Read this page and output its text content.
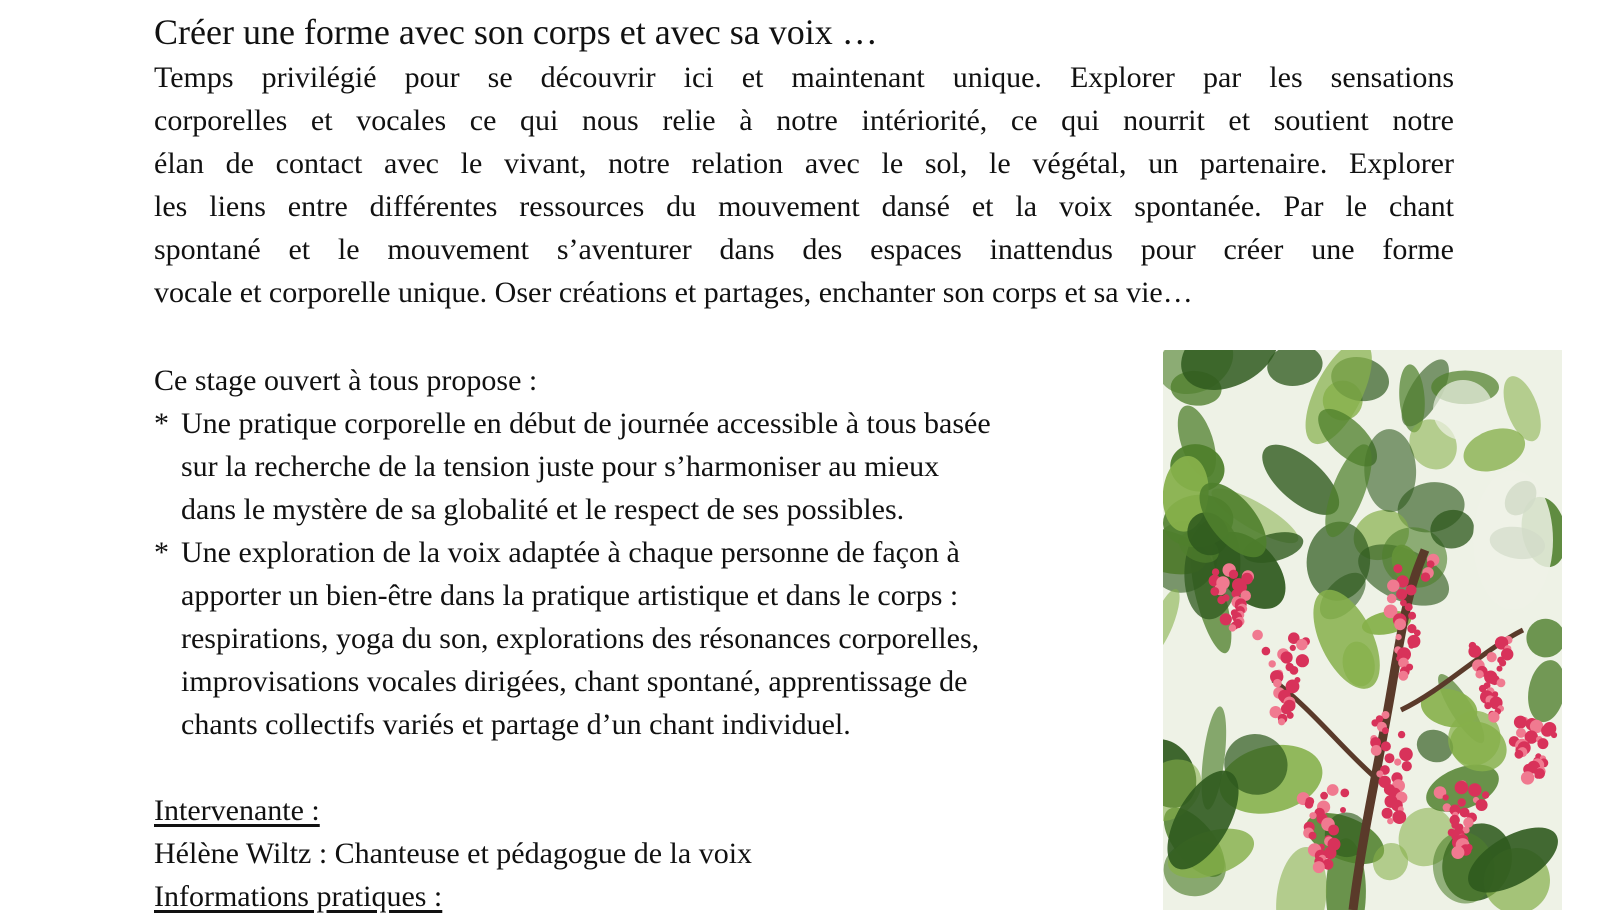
Créer une forme avec son corps et avec sa voix …
Temps privilégié pour se découvrir ici et maintenant unique. Explorer par les sensations
corporelles et vocales ce qui nous relie à notre intériorité, ce qui nourrit et soutient notre
élan de contact avec le vivant, notre relation avec le sol, le végétal, un partenaire. Explorer
les liens entre différentes ressources du mouvement dansé et la voix spontanée. Par le chant
spontané et le mouvement s’aventurer dans des espaces inattendus pour créer une forme
vocale et corporelle unique. Oser créations et partages, enchanter son corps et sa vie…

Ce stage ouvert à tous propose :

* Une pratique corporelle en début de journée accessible à tous basée
sur la recherche de la tension juste pour s’harmoniser au mieux
dans le mystère de sa globalité et le respect de ses possibles.
* Une exploration de la voix adaptée à chaque personne de façon à
apporter un bien-être dans la pratique artistique et dans le corps :
respirations, yoga du son, explorations des résonances corporelles,
improvisations vocales dirigées, chant spontané, apprentissage de
chants collectifs variés et partage d’un chant individuel.

Intervenante :

Hélène Wiltz : Chanteuse et pédagogue de la voix

Informations pratiques :
